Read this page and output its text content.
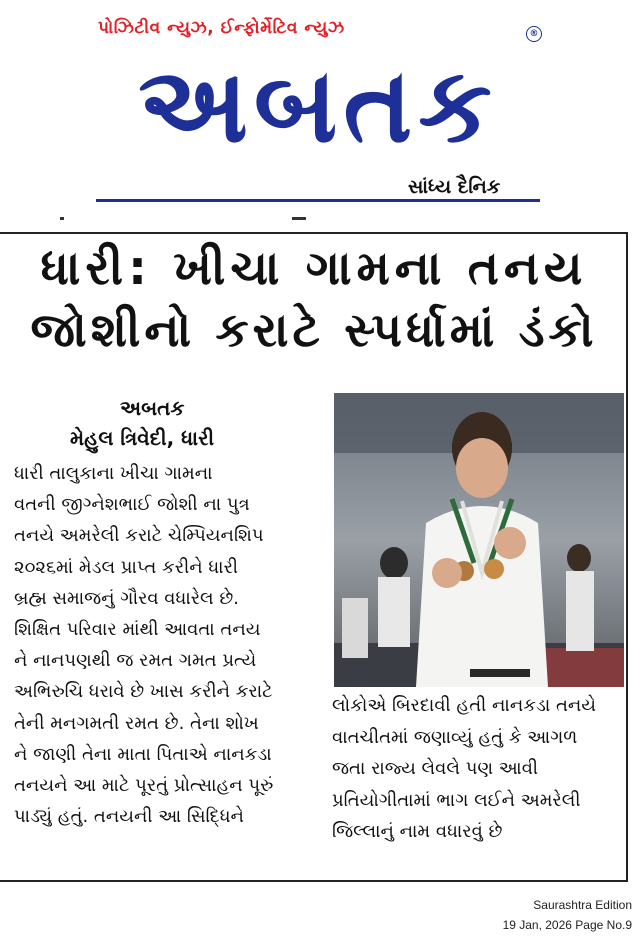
પોઝિટીવ ન્યુઝ, ઈન્ફોર્મેટિવ ન્યુઝ	®
અબતક
સાંધ્ય દૈનિક
ધારી: ખીચા ગામના તનય
જોશીનો કરાટે સ્પર્ધામાં ડંકો
અબતક
મેહુલ ત્રિવેદી, ધારી

ધારી તાલુકાના ખીચા ગામના

વતની જીગ્નેશભાઈ જોશી ના પુત્ર

તનયે અમરેલી કરાટે ચેમ્પિયનશિપ

૨૦૨૬માં મેડલ પ્રાપ્ત કરીને ધારી

બ્રહ્મ સમાજનું ગૌરવ વધારેલ છે.

શિક્ષિત પરિવાર માંથી આવતા તનય

ને નાનપણથી જ રમત ગમત પ્રત્યે

અભિરુચિ ધરાવે છે ખાસ કરીને કરાટે

તેની મનગમતી રમત છે. તેના શોખ

ને જાણી તેના માતા પિતાએ નાનકડા

તનયને આ માટે પૂરતું પ્રોત્સાહન પૂરું

પાડ્યું હતું. તનયની આ સિદ્ધિને

લોકોએ બિરદાવી હતી નાનકડા તનયે

વાતચીતમાં જણાવ્યું હતું કે આગળ

જતા રાજ્ય લેવલે પણ આવી

પ્રતિયોગીતામાં ભાગ લઈને અમરેલી

જિલ્લાનું નામ વધારવું છે

Saurashtra Edition
19 Jan, 2026 Page No.9
